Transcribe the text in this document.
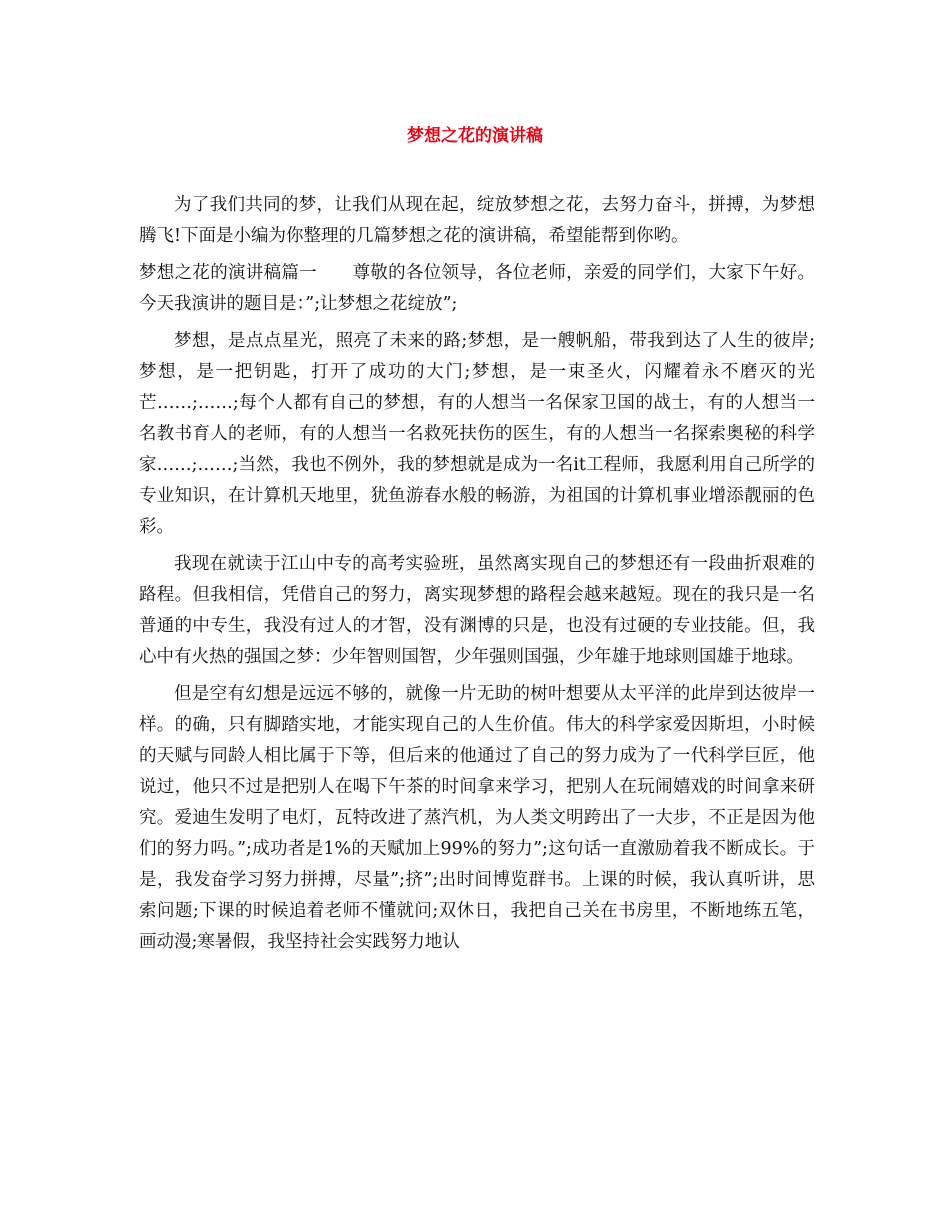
梦想之花的演讲稿

为了我们共同的梦，让我们从现在起，绽放梦想之花，去努力奋斗，拼搏，为梦想腾飞!下面是小编为你整理的几篇梦想之花的演讲稿，希望能帮到你哟。

梦想之花的演讲稿篇一　　尊敬的各位领导，各位老师，亲爱的同学们，大家下午好。今天我演讲的题目是：”;让梦想之花绽放”;

梦想，是点点星光，照亮了未来的路;梦想，是一艘帆船，带我到达了人生的彼岸;梦想，是一把钥匙，打开了成功的大门;梦想，是一束圣火，闪耀着永不磨灭的光芒……;……;每个人都有自己的梦想，有的人想当一名保家卫国的战士，有的人想当一名教书育人的老师，有的人想当一名救死扶伤的医生，有的人想当一名探索奥秘的科学家……;……;当然，我也不例外，我的梦想就是成为一名it工程师，我愿利用自己所学的专业知识，在计算机天地里，犹鱼游春水般的畅游，为祖国的计算机事业增添靓丽的色彩。

我现在就读于江山中专的高考实验班，虽然离实现自己的梦想还有一段曲折艰难的路程。但我相信，凭借自己的努力，离实现梦想的路程会越来越短。现在的我只是一名普通的中专生，我没有过人的才智，没有渊博的只是，也没有过硬的专业技能。但，我心中有火热的强国之梦：少年智则国智，少年强则国强，少年雄于地球则国雄于地球。

但是空有幻想是远远不够的，就像一片无助的树叶想要从太平洋的此岸到达彼岸一样。的确，只有脚踏实地，才能实现自己的人生价值。伟大的科学家爱因斯坦，小时候的天赋与同龄人相比属于下等，但后来的他通过了自己的努力成为了一代科学巨匠，他说过，他只不过是把别人在喝下午茶的时间拿来学习，把别人在玩闹嬉戏的时间拿来研究。爱迪生发明了电灯，瓦特改进了蒸汽机，为人类文明跨出了一大步，不正是因为他们的努力吗。”;成功者是1%的天赋加上99%的努力”;这句话一直激励着我不断成长。于是，我发奋学习努力拼搏，尽量”;挤”;出时间博览群书。上课的时候，我认真听讲，思索问题;下课的时候追着老师不懂就问;双休日，我把自己关在书房里，不断地练五笔，画动漫;寒暑假，我坚持社会实践努力地认
